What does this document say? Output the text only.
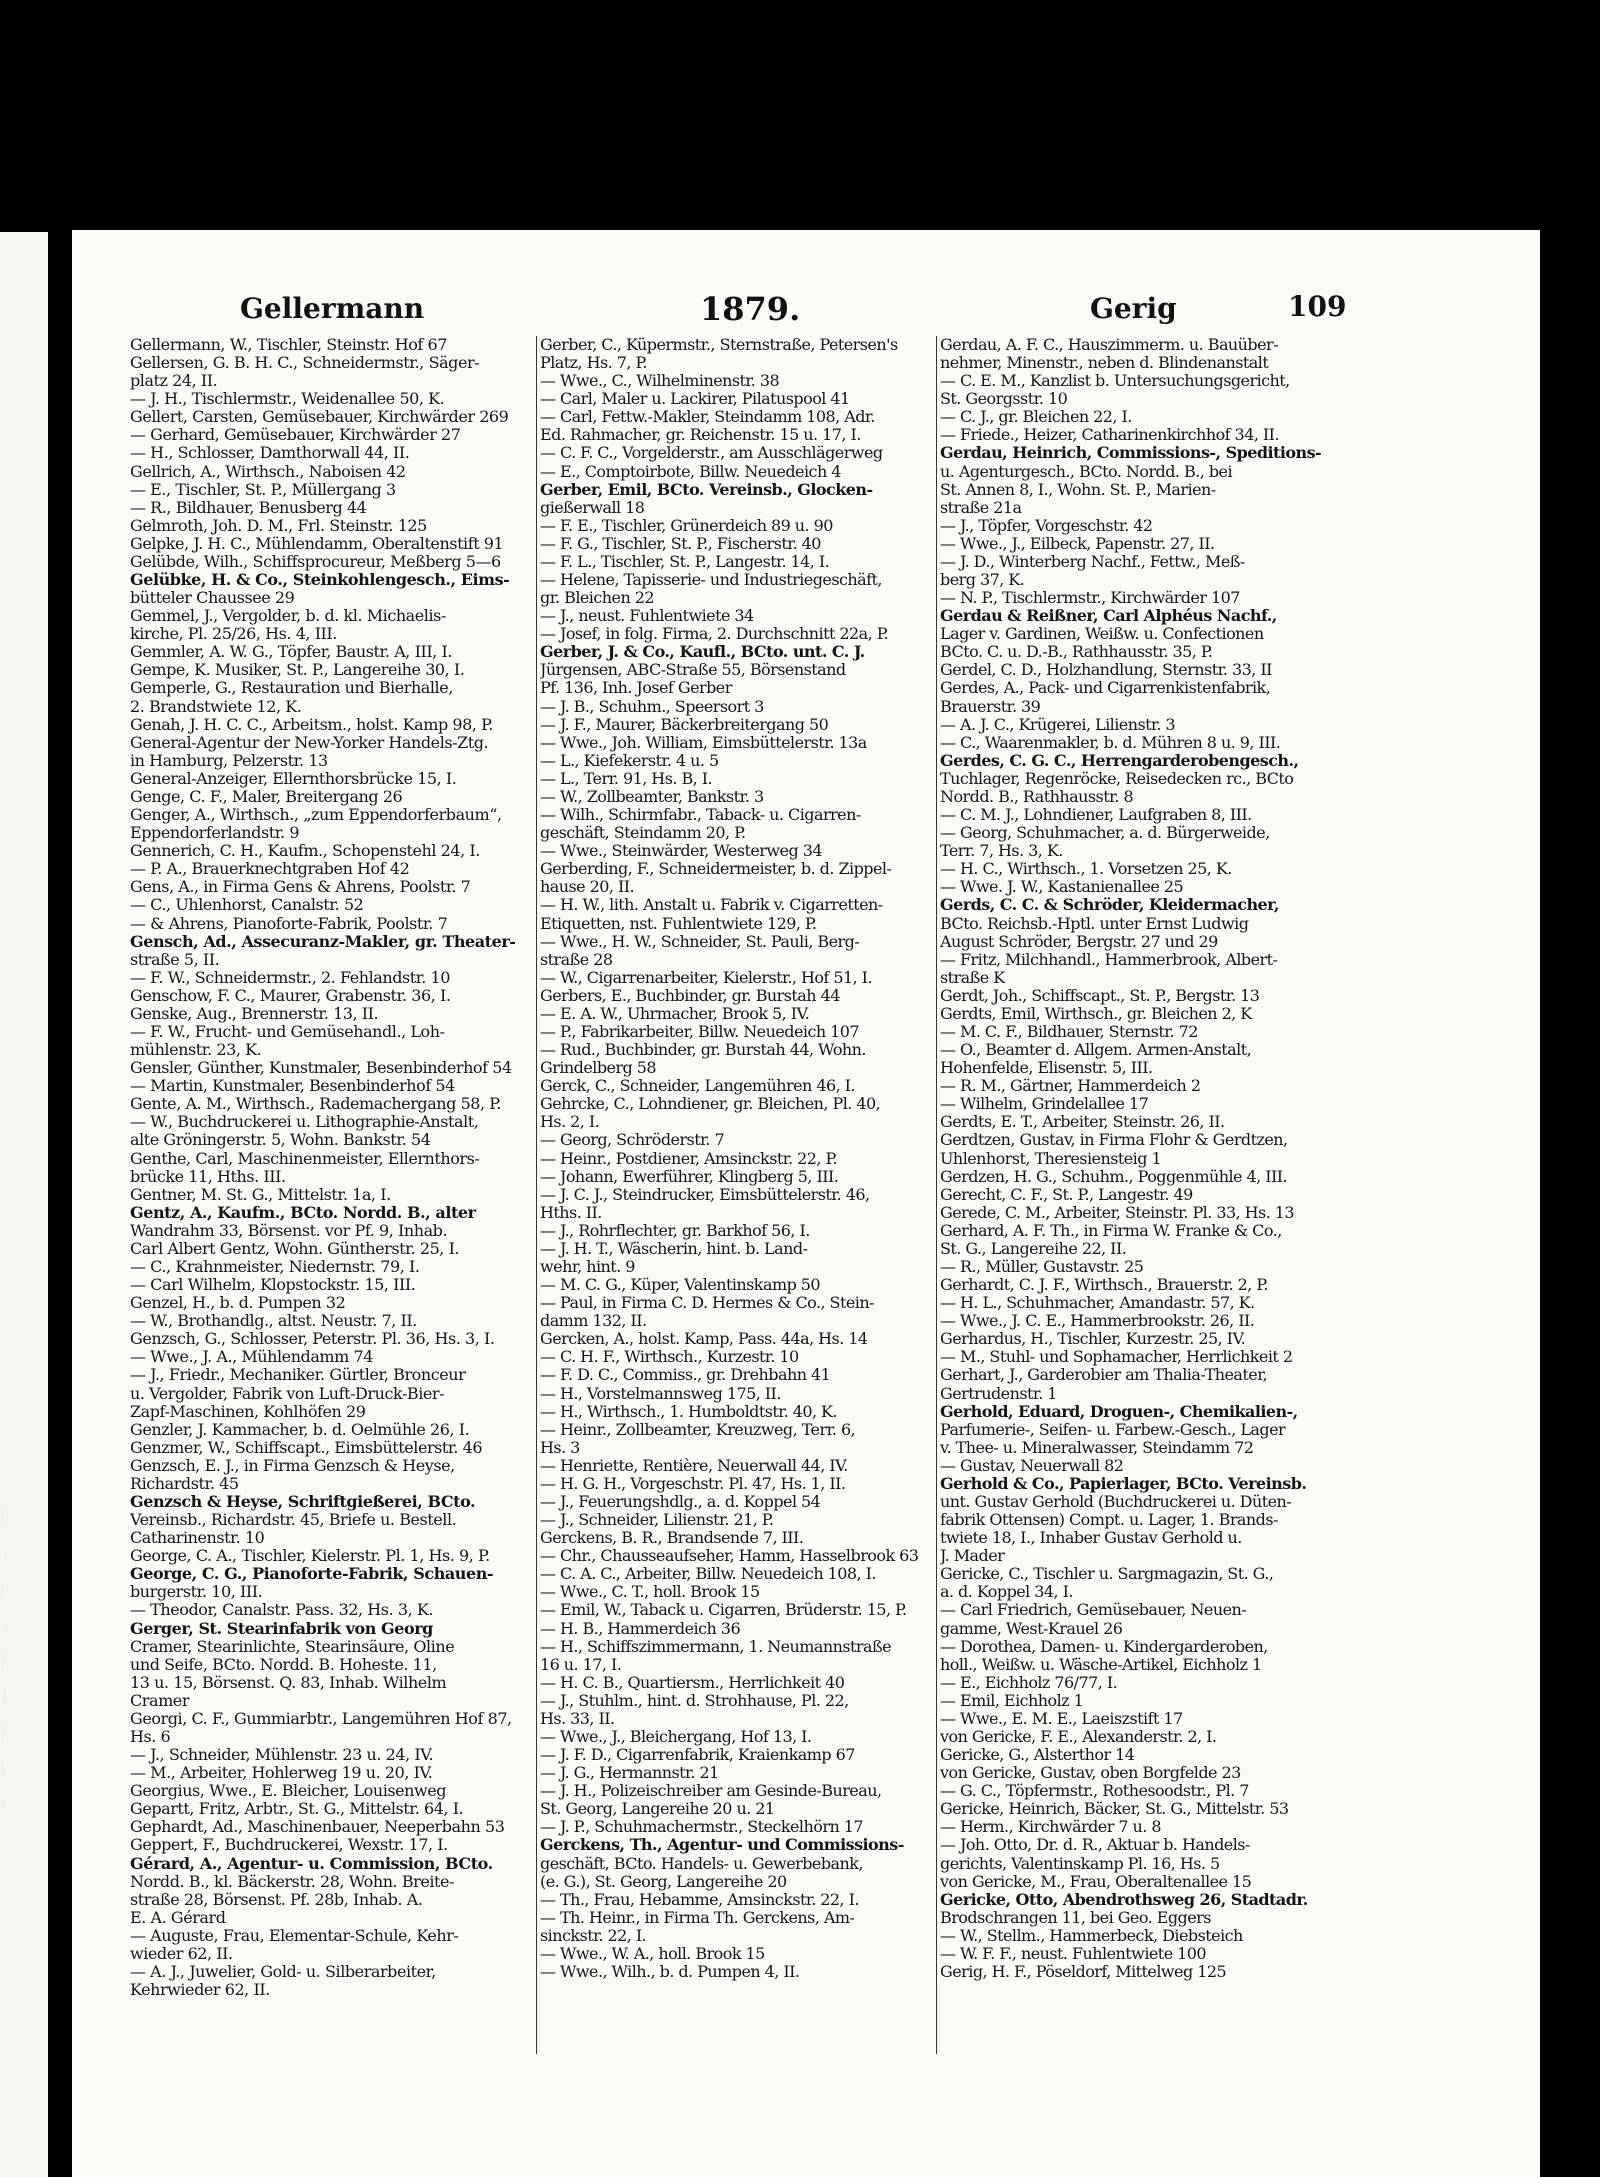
5
7
r
4,
K
1.
K
I.
I.
Gellermann	1879.	Gerig	109
Gellermann, W., Tischler, Steinstr. Hof 67
Gellersen, G. B. H. C., Schneidermstr., Säger-
platz 24, II.
— J. H., Tischlermstr., Weidenallee 50, K.
Gellert, Carsten, Gemüsebauer, Kirchwärder 269
— Gerhard, Gemüsebauer, Kirchwärder 27
— H., Schlosser, Damthorwall 44, II.
Gellrich, A., Wirthsch., Naboisen 42
— E., Tischler, St. P., Müllergang 3
— R., Bildhauer, Benusberg 44
Gelmroth, Joh. D. M., Frl. Steinstr. 125
Gelpke, J. H. C., Mühlendamm, Oberaltenstift 91
Gelübde, Wilh., Schiffsprocureur, Meßberg 5—6
Gelübke, H. & Co., Steinkohlengesch., Eims-
bütteler Chaussee 29
Gemmel, J., Vergolder, b. d. kl. Michaelis-
kirche, Pl. 25/26, Hs. 4, III.
Gemmler, A. W. G., Töpfer, Baustr. A, III, I.
Gempe, K. Musiker, St. P., Langereihe 30, I.
Gemperle, G., Restauration und Bierhalle,
2. Brandstwiete 12, K.
Genah, J. H. C. C., Arbeitsm., holst. Kamp 98, P.
General-Agentur der New-Yorker Handels-Ztg.
in Hamburg, Pelzerstr. 13
General-Anzeiger, Ellernthorsbrücke 15, I.
Genge, C. F., Maler, Breitergang 26
Genger, A., Wirthsch., „zum Eppendorferbaum“,
Eppendorferlandstr. 9
Gennerich, C. H., Kaufm., Schopenstehl 24, I.
— P. A., Brauerknechtgraben Hof 42
Gens, A., in Firma Gens & Ahrens, Poolstr. 7
— C., Uhlenhorst, Canalstr. 52
— & Ahrens, Pianoforte-Fabrik, Poolstr. 7
Gensch, Ad., Assecuranz-Makler, gr. Theater-
straße 5, II.
— F. W., Schneidermstr., 2. Fehlandstr. 10
Genschow, F. C., Maurer, Grabenstr. 36, I.
Genske, Aug., Brennerstr. 13, II.
— F. W., Frucht- und Gemüsehandl., Loh-
mühlenstr. 23, K.
Gensler, Günther, Kunstmaler, Besenbinderhof 54
— Martin, Kunstmaler, Besenbinderhof 54
Gente, A. M., Wirthsch., Rademachergang 58, P.
— W., Buchdruckerei u. Lithographie-Anstalt,
alte Gröningerstr. 5, Wohn. Bankstr. 54
Genthe, Carl, Maschinenmeister, Ellernthors-
brücke 11, Hths. III.
Gentner, M. St. G., Mittelstr. 1a, I.
Gentz, A., Kaufm., BCto. Nordd. B., alter
Wandrahm 33, Börsenst. vor Pf. 9, Inhab.
Carl Albert Gentz, Wohn. Güntherstr. 25, I.
— C., Krahnmeister, Niedernstr. 79, I.
— Carl Wilhelm, Klopstockstr. 15, III.
Genzel, H., b. d. Pumpen 32
— W., Brothandlg., altst. Neustr. 7, II.
Genzsch, G., Schlosser, Peterstr. Pl. 36, Hs. 3, I.
— Wwe., J. A., Mühlendamm 74
— J., Friedr., Mechaniker. Gürtler, Bronceur
u. Vergolder, Fabrik von Luft-Druck-Bier-
Zapf-Maschinen, Kohlhöfen 29
Genzler, J. Kammacher, b. d. Oelmühle 26, I.
Genzmer, W., Schiffscapt., Eimsbüttelerstr. 46
Genzsch, E. J., in Firma Genzsch & Heyse,
Richardstr. 45
Genzsch & Heyse, Schriftgießerei, BCto.
Vereinsb., Richardstr. 45, Briefe u. Bestell.
Catharinenstr. 10
George, C. A., Tischler, Kielerstr. Pl. 1, Hs. 9, P.
George, C. G., Pianoforte-Fabrik, Schauen-
burgerstr. 10, III.
— Theodor, Canalstr. Pass. 32, Hs. 3, K.
Gerger, St. Stearinfabrik von Georg
Cramer, Stearinlichte, Stearinsäure, Oline
und Seife, BCto. Nordd. B. Hoheste. 11,
13 u. 15, Börsenst. Q. 83, Inhab. Wilhelm
Cramer
Georgi, C. F., Gummiarbtr., Langemühren Hof 87,
Hs. 6
— J., Schneider, Mühlenstr. 23 u. 24, IV.
— M., Arbeiter, Hohlerweg 19 u. 20, IV.
Georgius, Wwe., E. Bleicher, Louisenweg
Gepartt, Fritz, Arbtr., St. G., Mittelstr. 64, I.
Gephardt, Ad., Maschinenbauer, Neeperbahn 53
Geppert, F., Buchdruckerei, Wexstr. 17, I.
Gérard, A., Agentur- u. Commission, BCto.
Nordd. B., kl. Bäckerstr. 28, Wohn. Breite-
straße 28, Börsenst. Pf. 28b, Inhab. A.
E. A. Gérard
— Auguste, Frau, Elementar-Schule, Kehr-
wieder 62, II.
— A. J., Juwelier, Gold- u. Silberarbeiter,
Kehrwieder 62, II.
Gerber, C., Küpermstr., Sternstraße, Petersen's
Platz, Hs. 7, P.
— Wwe., C., Wilhelminenstr. 38
— Carl, Maler u. Lackirer, Pilatuspool 41
— Carl, Fettw.-Makler, Steindamm 108, Adr.
Ed. Rahmacher, gr. Reichenstr. 15 u. 17, I.
— C. F. C., Vorgelderstr., am Ausschlägerweg
— E., Comptoirbote, Billw. Neuedeich 4
Gerber, Emil, BCto. Vereinsb., Glocken-
gießerwall 18
— F. E., Tischler, Grünerdeich 89 u. 90
— F. G., Tischler, St. P., Fischerstr. 40
— F. L., Tischler, St. P., Langestr. 14, I.
— Helene, Tapisserie- und Industriegeschäft,
gr. Bleichen 22
— J., neust. Fuhlentwiete 34
— Josef, in folg. Firma, 2. Durchschnitt 22a, P.
Gerber, J. & Co., Kaufl., BCto. unt. C. J.
Jürgensen, ABC-Straße 55, Börsenstand
Pf. 136, Inh. Josef Gerber
— J. B., Schuhm., Speersort 3
— J. F., Maurer, Bäckerbreitergang 50
— Wwe., Joh. William, Eimsbüttelerstr. 13a
— L., Kiefekerstr. 4 u. 5
— L., Terr. 91, Hs. B, I.
— W., Zollbeamter, Bankstr. 3
— Wilh., Schirmfabr., Taback- u. Cigarren-
geschäft, Steindamm 20, P.
— Wwe., Steinwärder, Westerweg 34
Gerberding, F., Schneidermeister, b. d. Zippel-
hause 20, II.
— H. W., lith. Anstalt u. Fabrik v. Cigarretten-
Etiquetten, nst. Fuhlentwiete 129, P.
— Wwe., H. W., Schneider, St. Pauli, Berg-
straße 28
— W., Cigarrenarbeiter, Kielerstr., Hof 51, I.
Gerbers, E., Buchbinder, gr. Burstah 44
— E. A. W., Uhrmacher, Brook 5, IV.
— P., Fabrikarbeiter, Billw. Neuedeich 107
— Rud., Buchbinder, gr. Burstah 44, Wohn.
Grindelberg 58
Gerck, C., Schneider, Langemühren 46, I.
Gehrcke, C., Lohndiener, gr. Bleichen, Pl. 40,
Hs. 2, I.
— Georg, Schröderstr. 7
— Heinr., Postdiener, Amsinckstr. 22, P.
— Johann, Ewerführer, Klingberg 5, III.
— J. C. J., Steindrucker, Eimsbüttelerstr. 46,
Hths. II.
— J., Rohrflechter, gr. Barkhof 56, I.
— J. H. T., Wäscherin, hint. b. Land-
wehr, hint. 9
— M. C. G., Küper, Valentinskamp 50
— Paul, in Firma C. D. Hermes & Co., Stein-
damm 132, II.
Gercken, A., holst. Kamp, Pass. 44a, Hs. 14
— C. H. F., Wirthsch., Kurzestr. 10
— F. D. C., Commiss., gr. Drehbahn 41
— H., Vorstelmannsweg 175, II.
— H., Wirthsch., 1. Humboldtstr. 40, K.
— Heinr., Zollbeamter, Kreuzweg, Terr. 6,
Hs. 3
— Henriette, Rentière, Neuerwall 44, IV.
— H. G. H., Vorgeschstr. Pl. 47, Hs. 1, II.
— J., Feuerungshdlg., a. d. Koppel 54
— J., Schneider, Lilienstr. 21, P.
Gerckens, B. R., Brandsende 7, III.
— Chr., Chausseaufseher, Hamm, Hasselbrook 63
— C. A. C., Arbeiter, Billw. Neuedeich 108, I.
— Wwe., C. T., holl. Brook 15
— Emil, W., Taback u. Cigarren, Brüderstr. 15, P.
— H. B., Hammerdeich 36
— H., Schiffszimmermann, 1. Neumannstraße
16 u. 17, I.
— H. C. B., Quartiersm., Herrlichkeit 40
— J., Stuhlm., hint. d. Strohhause, Pl. 22,
Hs. 33, II.
— Wwe., J., Bleichergang, Hof 13, I.
— J. F. D., Cigarrenfabrik, Kraienkamp 67
— J. G., Hermannstr. 21
— J. H., Polizeischreiber am Gesinde-Bureau,
St. Georg, Langereihe 20 u. 21
— J. P., Schuhmachermstr., Steckelhörn 17
Gerckens, Th., Agentur- und Commissions-
geschäft, BCto. Handels- u. Gewerbebank,
(e. G.), St. Georg, Langereihe 20
— Th., Frau, Hebamme, Amsinckstr. 22, I.
— Th. Heinr., in Firma Th. Gerckens, Am-
sinckstr. 22, I.
— Wwe., W. A., holl. Brook 15
— Wwe., Wilh., b. d. Pumpen 4, II.
Gerdau, A. F. C., Hauszimmerm. u. Bauüber-
nehmer, Minenstr., neben d. Blindenanstalt
— C. E. M., Kanzlist b. Untersuchungsgericht,
St. Georgsstr. 10
— C. J., gr. Bleichen 22, I.
— Friede., Heizer, Catharinenkirchhof 34, II.
Gerdau, Heinrich, Commissions-, Speditions-
u. Agenturgesch., BCto. Nordd. B., bei
St. Annen 8, I., Wohn. St. P., Marien-
straße 21a
— J., Töpfer, Vorgeschstr. 42
— Wwe., J., Eilbeck, Papenstr. 27, II.
— J. D., Winterberg Nachf., Fettw., Meß-
berg 37, K.
— N. P., Tischlermstr., Kirchwärder 107
Gerdau & Reißner, Carl Alphéus Nachf.,
Lager v. Gardinen, Weißw. u. Confectionen
BCto. C. u. D.-B., Rathhausstr. 35, P.
Gerdel, C. D., Holzhandlung, Sternstr. 33, II
Gerdes, A., Pack- und Cigarrenkistenfabrik,
Brauerstr. 39
— A. J. C., Krügerei, Lilienstr. 3
— C., Waarenmakler, b. d. Mühren 8 u. 9, III.
Gerdes, C. G. C., Herrengarderobengesch.,
Tuchlager, Regenröcke, Reisedecken rc., BCto
Nordd. B., Rathhausstr. 8
— C. M. J., Lohndiener, Laufgraben 8, III.
— Georg, Schuhmacher, a. d. Bürgerweide,
Terr. 7, Hs. 3, K.
— H. C., Wirthsch., 1. Vorsetzen 25, K.
— Wwe. J. W., Kastanienallee 25
Gerds, C. C. & Schröder, Kleidermacher,
BCto. Reichsb.-Hptl. unter Ernst Ludwig
August Schröder, Bergstr. 27 und 29
— Fritz, Milchhandl., Hammerbrook, Albert-
straße K
Gerdt, Joh., Schiffscapt., St. P., Bergstr. 13
Gerdts, Emil, Wirthsch., gr. Bleichen 2, K
— M. C. F., Bildhauer, Sternstr. 72
— O., Beamter d. Allgem. Armen-Anstalt,
Hohenfelde, Elisenstr. 5, III.
— R. M., Gärtner, Hammerdeich 2
— Wilhelm, Grindelallee 17
Gerdts, E. T., Arbeiter, Steinstr. 26, II.
Gerdtzen, Gustav, in Firma Flohr & Gerdtzen,
Uhlenhorst, Theresiensteig 1
Gerdzen, H. G., Schuhm., Poggenmühle 4, III.
Gerecht, C. F., St. P., Langestr. 49
Gerede, C. M., Arbeiter, Steinstr. Pl. 33, Hs. 13
Gerhard, A. F. Th., in Firma W. Franke & Co.,
St. G., Langereihe 22, II.
— R., Müller, Gustavstr. 25
Gerhardt, C. J. F., Wirthsch., Brauerstr. 2, P.
— H. L., Schuhmacher, Amandastr. 57, K.
— Wwe., J. C. E., Hammerbrookstr. 26, II.
Gerhardus, H., Tischler, Kurzestr. 25, IV.
— M., Stuhl- und Sophamacher, Herrlichkeit 2
Gerhart, J., Garderobier am Thalia-Theater,
Gertrudenstr. 1
Gerhold, Eduard, Droguen-, Chemikalien-,
Parfumerie-, Seifen- u. Farbew.-Gesch., Lager
v. Thee- u. Mineralwasser, Steindamm 72
— Gustav, Neuerwall 82
Gerhold & Co., Papierlager, BCto. Vereinsb.
unt. Gustav Gerhold (Buchdruckerei u. Düten-
fabrik Ottensen) Compt. u. Lager, 1. Brands-
twiete 18, I., Inhaber Gustav Gerhold u.
J. Mader
Gericke, C., Tischler u. Sargmagazin, St. G.,
a. d. Koppel 34, I.
— Carl Friedrich, Gemüsebauer, Neuen-
gamme, West-Krauel 26
— Dorothea, Damen- u. Kindergarderoben,
holl., Weißw. u. Wäsche-Artikel, Eichholz 1
— E., Eichholz 76/77, I.
— Emil, Eichholz 1
— Wwe., E. M. E., Laeiszstift 17
von Gericke, F. E., Alexanderstr. 2, I.
Gericke, G., Alsterthor 14
von Gericke, Gustav, oben Borgfelde 23
— G. C., Töpfermstr., Rothesoodstr., Pl. 7
Gericke, Heinrich, Bäcker, St. G., Mittelstr. 53
— Herm., Kirchwärder 7 u. 8
— Joh. Otto, Dr. d. R., Aktuar b. Handels-
gerichts, Valentinskamp Pl. 16, Hs. 5
von Gericke, M., Frau, Oberaltenallee 15
Gericke, Otto, Abendrothsweg 26, Stadtadr.
Brodschrangen 11, bei Geo. Eggers
— W., Stellm., Hammerbeck, Diebsteich
— W. F. F., neust. Fuhlentwiete 100
Gerig, H. F., Pöseldorf, Mittelweg 125
